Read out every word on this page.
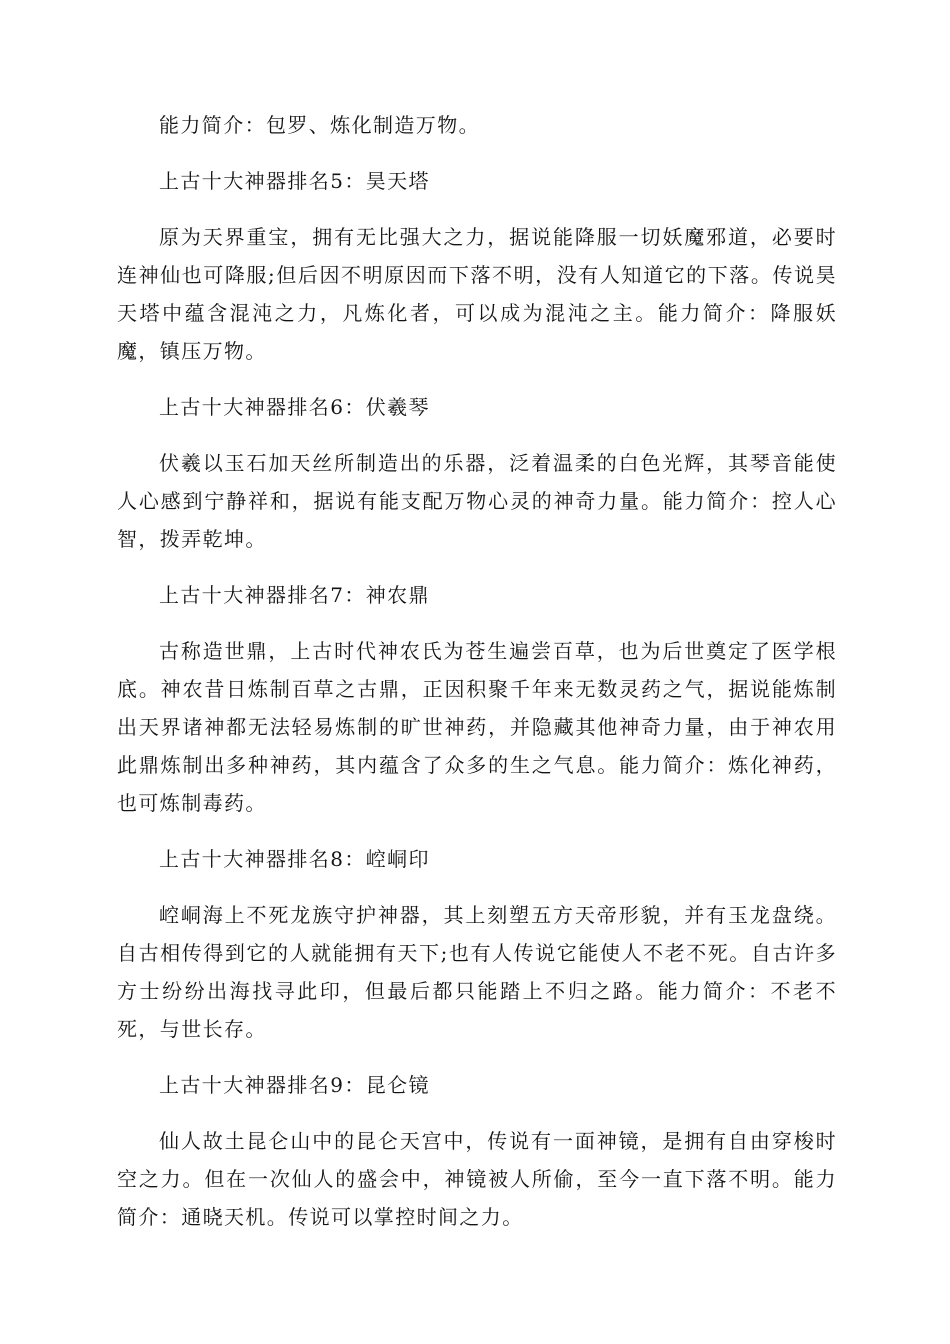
能力简介：包罗、炼化制造万物。

上古十大神器排名5：昊天塔

原为天界重宝，拥有无比强大之力，据说能降服一切妖魔邪道，必要时连神仙也可降服;但后因不明原因而下落不明，没有人知道它的下落。传说昊天塔中蕴含混沌之力，凡炼化者，可以成为混沌之主。能力简介：降服妖魔，镇压万物。

上古十大神器排名6：伏羲琴

伏羲以玉石加天丝所制造出的乐器，泛着温柔的白色光辉，其琴音能使人心感到宁静祥和，据说有能支配万物心灵的神奇力量。能力简介：控人心智，拨弄乾坤。

上古十大神器排名7：神农鼎

古称造世鼎，上古时代神农氏为苍生遍尝百草，也为后世奠定了医学根底。神农昔日炼制百草之古鼎，正因积聚千年来无数灵药之气，据说能炼制出天界诸神都无法轻易炼制的旷世神药，并隐藏其他神奇力量，由于神农用此鼎炼制出多种神药，其内蕴含了众多的生之气息。能力简介：炼化神药，也可炼制毒药。

上古十大神器排名8：崆峒印

崆峒海上不死龙族守护神器，其上刻塑五方天帝形貌，并有玉龙盘绕。自古相传得到它的人就能拥有天下;也有人传说它能使人不老不死。自古许多方士纷纷出海找寻此印，但最后都只能踏上不归之路。能力简介：不老不死，与世长存。

上古十大神器排名9：昆仑镜

仙人故土昆仑山中的昆仑天宫中，传说有一面神镜，是拥有自由穿梭时空之力。但在一次仙人的盛会中，神镜被人所偷，至今一直下落不明。能力简介：通晓天机。传说可以掌控时间之力。
